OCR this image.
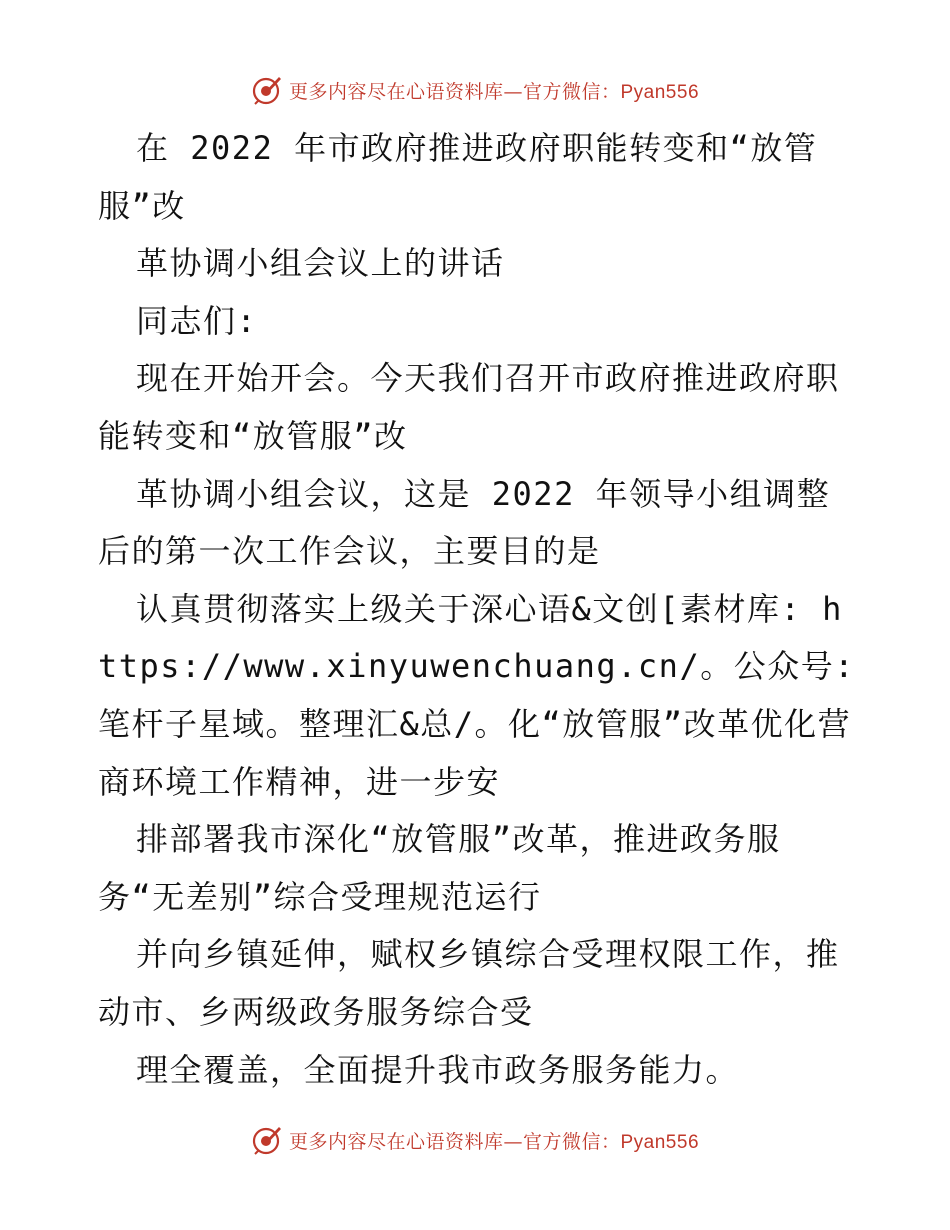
更多内容尽在心语资料库—官方微信：Pyan556

在 2022 年市政府推进政府职能转变和“放管服”改

革协调小组会议上的讲话

同志们:

现在开始开会。今天我们召开市政府推进政府职能转变和“放管服”改

革协调小组会议，这是 2022 年领导小组调整后的第一次工作会议，主要目的是

认真贯彻落实上级关于深心语&文创[素材库: https://www.xinyuwenchuang.cn/。公众号: 笔杆子星域。整理汇&总/。化“放管服”改革优化营商环境工作精神，进一步安

排部署我市深化“放管服”改革，推进政务服务“无差别”综合受理规范运行

并向乡镇延伸，赋权乡镇综合受理权限工作，推动市、乡两级政务服务综合受

理全覆盖，全面提升我市政务服务能力。

更多内容尽在心语资料库—官方微信：Pyan556
